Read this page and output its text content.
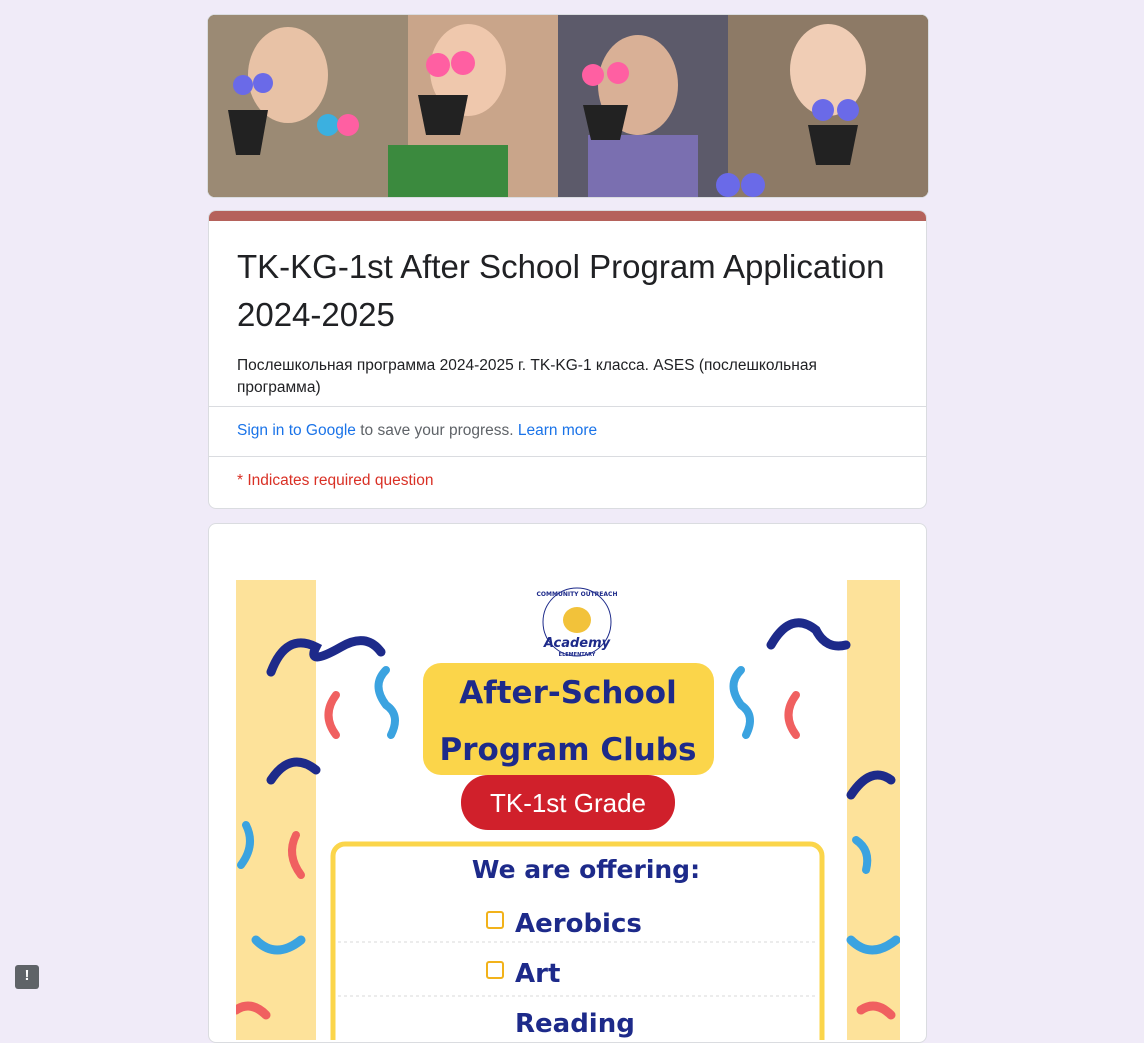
TK-KG-1st After School Program Application 2024-2025
Послешкольная программа 2024-2025 г. TK-KG-1 класса. ASES (послешкольная программа)
Sign in to Google to save your progress. Learn more
* Indicates required question
COMMUNITY OUTREACH
Academy
ELEMENTARY
After-School
Program Clubs
TK-1st Grade
We are offering:
Aerobics
Art
Reading
!
